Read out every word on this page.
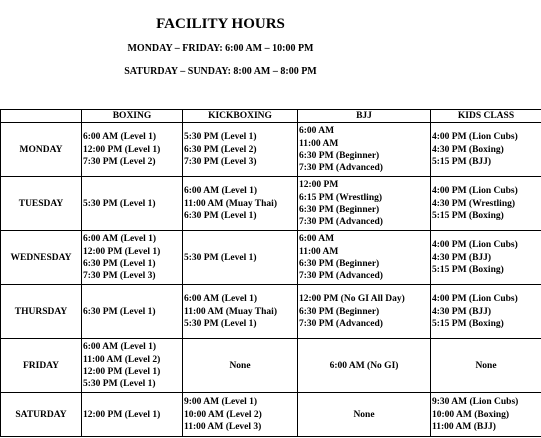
FACILITY HOURS
MONDAY – FRIDAY: 6:00 AM – 10:00 PM
SATURDAY – SUNDAY: 8:00 AM – 8:00 PM
	BOXING	KICKBOXING	BJJ	KIDS CLASS
MONDAY	6:00 AM (Level 1)
12:00 PM (Level 1)
7:30 PM (Level 2)	5:30 PM (Level 1)
6:30 PM (Level 2)
7:30 PM (Level 3)	6:00 AM
11:00 AM
6:30 PM (Beginner)
7:30 PM (Advanced)	4:00 PM (Lion Cubs)
4:30 PM (Boxing)
5:15 PM (BJJ)

TUESDAY	5:30 PM (Level 1)	6:00 AM (Level 1)
11:00 AM (Muay Thai)
6:30 PM (Level 1)	12:00 PM
6:15 PM (Wrestling)
6:30 PM (Beginner)
7:30 PM (Advanced)	4:00 PM (Lion Cubs)
4:30 PM (Wrestling)
5:15 PM (Boxing)

WEDNESDAY	6:00 AM (Level 1)
12:00 PM (Level 1)
6:30 PM (Level 1)
7:30 PM (Level 3)	5:30 PM (Level 1)	6:00 AM
11:00 AM
6:30 PM (Beginner)
7:30 PM (Advanced)	4:00 PM (Lion Cubs)
4:30 PM (BJJ)
5:15 PM (Boxing)

THURSDAY	6:30 PM (Level 1)	6:00 AM (Level 1)
11:00 AM (Muay Thai)
5:30 PM (Level 1)	12:00 PM (No GI All Day)
6:30 PM (Beginner)
7:30 PM (Advanced)	4:00 PM (Lion Cubs)
4:30 PM (BJJ)
5:15 PM (Boxing)

FRIDAY	6:00 AM (Level 1)
11:00 AM (Level 2)
12:00 PM (Level 1)
5:30 PM (Level 1)	None	6:00 AM (No GI)	None

SATURDAY	12:00 PM (Level 1)	9:00 AM (Level 1)
10:00 AM (Level 2)
11:00 AM (Level 3)	None	9:30 AM (Lion Cubs)
10:00 AM (Boxing)
11:00 AM (BJJ)
